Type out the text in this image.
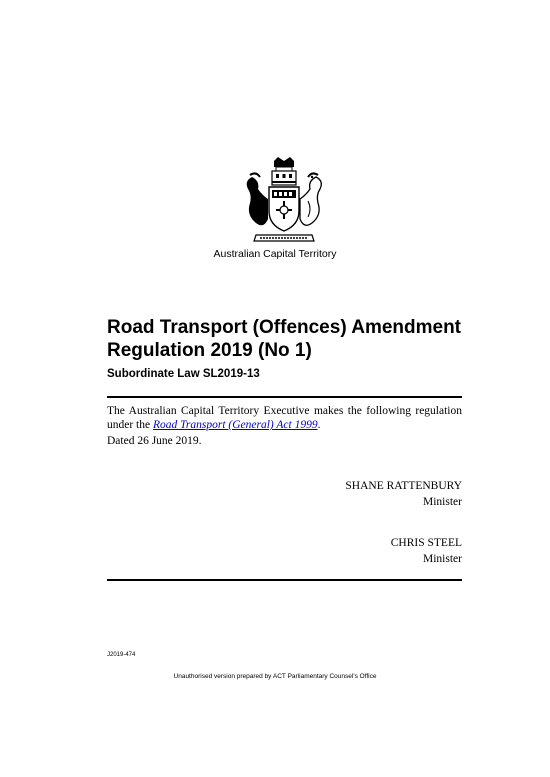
Australian Capital Territory
Road Transport (Offences) Amendment Regulation 2019 (No 1)
Subordinate Law SL2019-13

The Australian Capital Territory Executive makes the following regulation under the Road Transport (General) Act 1999.

Dated 26 June 2019.

SHANE RATTENBURY
Minister
CHRIS STEEL
Minister
J2019-474
Unauthorised version prepared by ACT Parliamentary Counsel's Office
